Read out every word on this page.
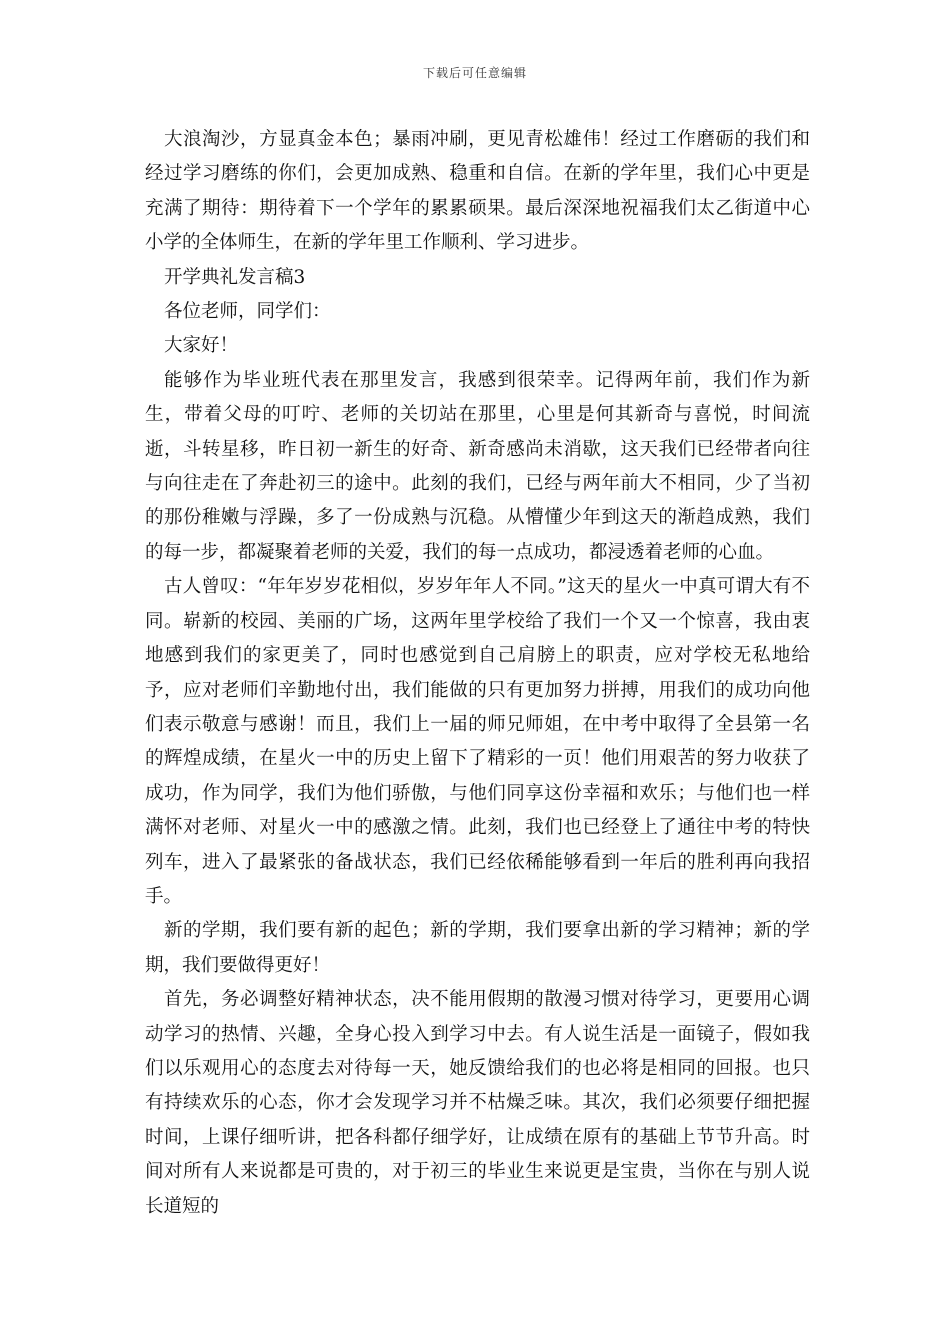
下载后可任意编辑

大浪淘沙，方显真金本色；暴雨冲刷，更见青松雄伟！经过工作磨砺的我们和经过学习磨练的你们，会更加成熟、稳重和自信。在新的学年里，我们心中更是充满了期待：期待着下一个学年的累累硕果。最后深深地祝福我们太乙街道中心小学的全体师生，在新的学年里工作顺利、学习进步。

开学典礼发言稿3

各位老师，同学们：

大家好！

能够作为毕业班代表在那里发言，我感到很荣幸。记得两年前，我们作为新生，带着父母的叮咛、老师的关切站在那里，心里是何其新奇与喜悦，时间流逝，斗转星移，昨日初一新生的好奇、新奇感尚未消歇，这天我们已经带者向往与向往走在了奔赴初三的途中。此刻的我们，已经与两年前大不相同，少了当初的那份稚嫩与浮躁，多了一份成熟与沉稳。从懵懂少年到这天的渐趋成熟，我们的每一步，都凝聚着老师的关爱，我们的每一点成功，都浸透着老师的心血。

古人曾叹：“年年岁岁花相似，岁岁年年人不同。”这天的星火一中真可谓大有不同。崭新的校园、美丽的广场，这两年里学校给了我们一个又一个惊喜，我由衷地感到我们的家更美了，同时也感觉到自己肩膀上的职责，应对学校无私地给予，应对老师们辛勤地付出，我们能做的只有更加努力拼搏，用我们的成功向他们表示敬意与感谢！而且，我们上一届的师兄师姐，在中考中取得了全县第一名的辉煌成绩，在星火一中的历史上留下了精彩的一页！他们用艰苦的努力收获了成功，作为同学，我们为他们骄傲，与他们同享这份幸福和欢乐；与他们也一样满怀对老师、对星火一中的感激之情。此刻，我们也已经登上了通往中考的特快列车，进入了最紧张的备战状态，我们已经依稀能够看到一年后的胜利再向我招手。

新的学期，我们要有新的起色；新的学期，我们要拿出新的学习精神；新的学期，我们要做得更好！

首先，务必调整好精神状态，决不能用假期的散漫习惯对待学习，更要用心调动学习的热情、兴趣，全身心投入到学习中去。有人说生活是一面镜子，假如我们以乐观用心的态度去对待每一天，她反馈给我们的也必将是相同的回报。也只有持续欢乐的心态，你才会发现学习并不枯燥乏味。其次，我们必须要仔细把握时间，上课仔细听讲，把各科都仔细学好，让成绩在原有的基础上节节升高。时间对所有人来说都是可贵的，对于初三的毕业生来说更是宝贵，当你在与别人说长道短的
